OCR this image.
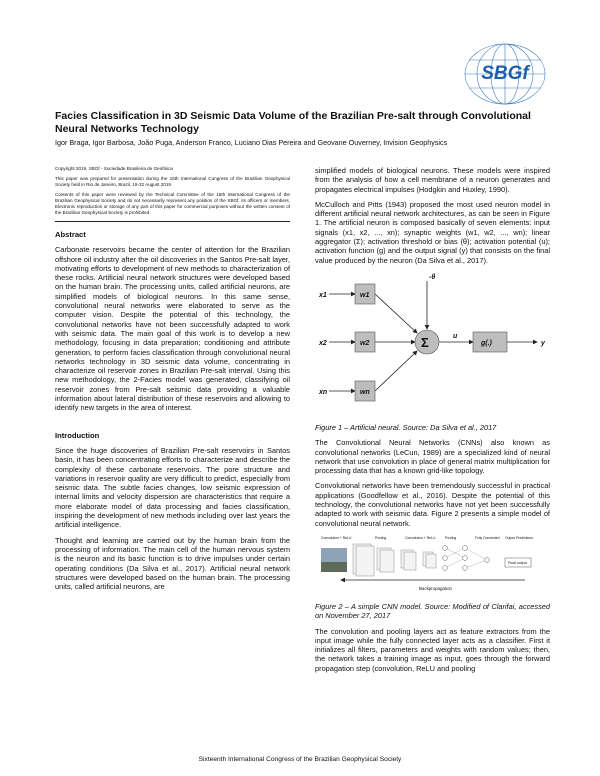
SBGf
Facies Classification in 3D Seismic Data Volume of the Brazilian Pre-salt through Convolutional Neural Networks Technology
Igor Braga, Igor Barbosa, João Puga, Anderson Franco, Luciano Dias Pereira and Geovane Ouverney, Invision Geophysics

Copyright 2019, SBGf - Sociedade Brasileira de Geofísica

This paper was prepared for presentation during the 16th International Congress of the Brazilian Geophysical Society held in Rio de Janeiro, Brazil, 19-22 August 2019.

Contents of this paper were reviewed by the Technical Committee of the 16th International Congress of the Brazilian Geophysical Society and do not necessarily represent any position of the SBGf, its officers or members. Electronic reproduction or storage of any part of this paper for commercial purposes without the written consent of the Brazilian Geophysical Society is prohibited.

Abstract

Carbonate reservoirs became the center of attention for the Brazilian offshore oil industry after the oil discoveries in the Santos Pre-salt layer, motivating efforts to development of new methods to characterization of these rocks. Artificial neural network structures were developed based on the human brain. The processing units, called artificial neurons, are simplified models of biological neurons. In this same sense, convolutional neural networks were elaborated to serve as the computer vision. Despite the potential of this technology, the convolutional networks have not been successfully adapted to work with seismic data. The main goal of this work is to develop a new methodology, focusing in data preparation; conditioning and attribute generation, to perform facies classification through convolutional neural networks technology in 3D seismic data volume, concentrating in characterize oil reservoir zones in Brazilian Pre-salt interval. Using this new methodology, the 2-Facies model was generated, classifying oil reservoir zones from Pre-salt seismic data providing a valuable information about lateral distribution of these reservoirs and allowing to identify new targets in the area of interest.

Introduction

Since the huge discoveries of Brazilian Pre-salt reservoirs in Santos basin, it has been concentrating efforts to characterize and describe the complexity of these carbonate reservoirs. The pore structure and variations in reservoir quality are very difficult to predict, especially from seismic data. The subtle facies changes, low seismic expression of internal limits and velocity dispersion are characteristics that require a more elaborate model of data processing and facies classification, inspiring the development of new methods including over last years the artificial intelligence.

Thought and learning are carried out by the human brain from the processing of information. The main cell of the human nervous system is the neuron and its basic function is to drive impulses under certain operating conditions (Da Silva et al., 2017). Artificial neural network structures were developed based on the human brain. The processing units, called artificial neurons, are

simplified models of biological neurons. These models were inspired from the analysis of how a cell membrane of a neuron generates and propagates electrical impulses (Hodgkin and Huxley, 1990).

McCulloch and Pitts (1943) proposed the most used neuron model in different artificial neural network architectures, as can be seen in Figure 1. The artificial neuron is composed basically of seven elements: input signals (x1, x2, ..., xn); synaptic weights (w1, w2, ..., wn); linear aggregator (Σ); activation threshold or bias (θ); activation potential (u); activation function (g) and the output signal (y) that consists on the final value produced by the neuron (Da Silva et al., 2017).

x1
x2
xn
w1
w2
wn
-θ
Σ	u
g(.)	y

Figure 1 – Artificial neural. Source: Da Silva et al., 2017

The Convolutional Neural Networks (CNNs) also known as convolutional networks (LeCun, 1989) are a specialized kind of neural network that use convolution in place of general matrix multiplication for processing data that has a known grid-like topology.

Convolutional networks have been tremendously successful in practical applications (Goodfellow et al., 2016). Despite the potential of this technology, the convolutional networks have not yet been successfully adapted to work with seismic data. Figure 2 presents a simple model of convolutional neural network.

Convolution + ReLU	Pooling	Convolution + ReLU	Pooling	Fully Connected Output Predictions
Final output
Backpropagation

Figure 2 – A simple CNN model. Source: Modified of Clarifai, accessed on November 27, 2017

The convolution and pooling layers act as feature extractors from the input image while the fully connected layer acts as a classifier. First it initializes all filters, parameters and weights with random values; then, the network takes a training image as input, goes through the forward propagation step (convolution, ReLU and pooling

Sixteenth International Congress of the Brazilian Geophysical Society
